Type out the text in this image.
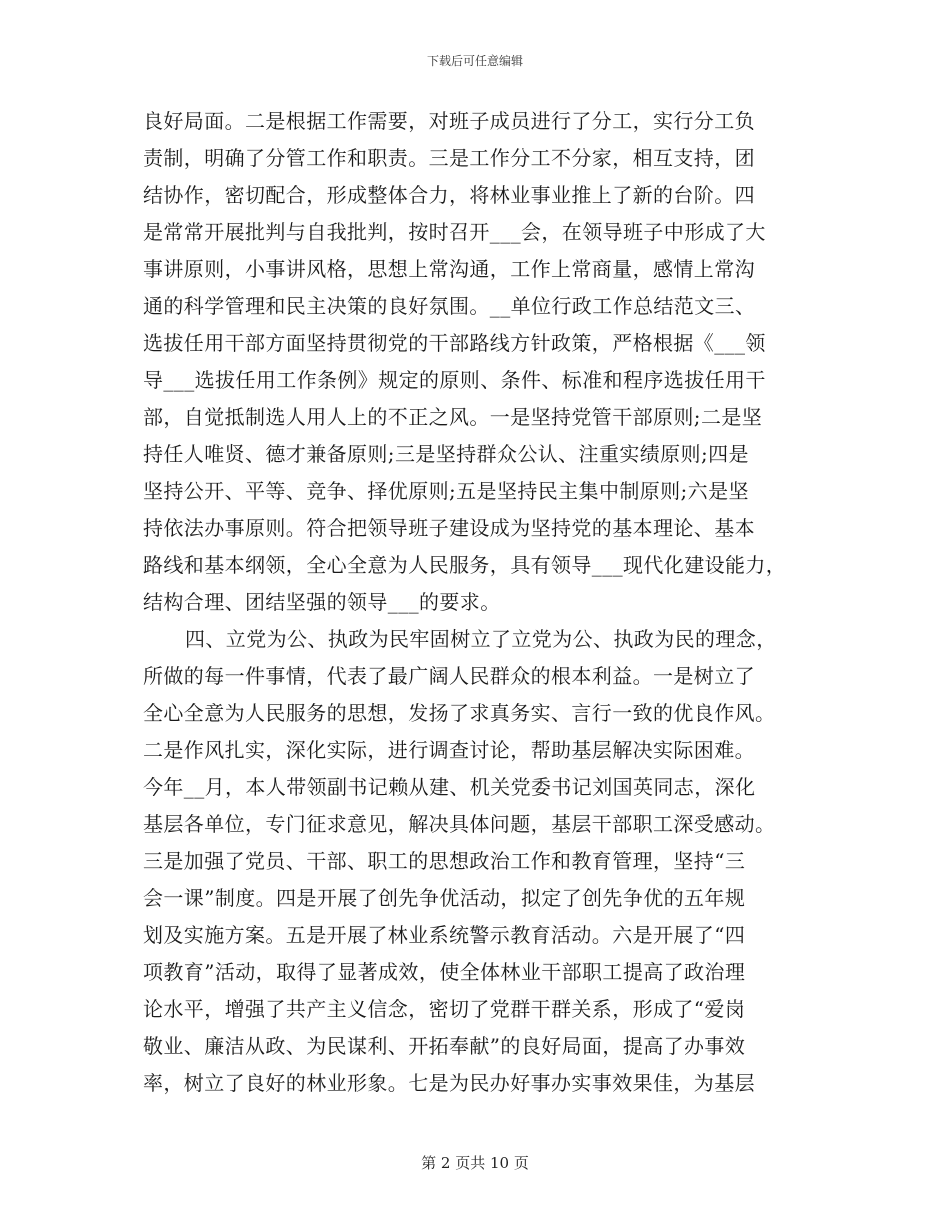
下载后可任意编辑
良好局面。二是根据工作需要，对班子成员进行了分工，实行分工负
责制，明确了分管工作和职责。三是工作分工不分家，相互支持，团
结协作，密切配合，形成整体合力，将林业事业推上了新的台阶。四
是常常开展批判与自我批判，按时召开___会，在领导班子中形成了大
事讲原则，小事讲风格，思想上常沟通，工作上常商量，感情上常沟
通的科学管理和民主决策的良好氛围。__单位行政工作总结范文三、
选拔任用干部方面坚持贯彻党的干部路线方针政策，严格根据《___领
导___选拔任用工作条例》规定的原则、条件、标准和程序选拔任用干
部，自觉抵制选人用人上的不正之风。一是坚持党管干部原则;二是坚
持任人唯贤、德才兼备原则;三是坚持群众公认、注重实绩原则;四是
坚持公开、平等、竞争、择优原则;五是坚持民主集中制原则;六是坚
持依法办事原则。符合把领导班子建设成为坚持党的基本理论、基本
路线和基本纲领，全心全意为人民服务，具有领导___现代化建设能力，
结构合理、团结坚强的领导___的要求。
四、立党为公、执政为民牢固树立了立党为公、执政为民的理念，
所做的每一件事情，代表了最广阔人民群众的根本利益。一是树立了
全心全意为人民服务的思想，发扬了求真务实、言行一致的优良作风。
二是作风扎实，深化实际，进行调查讨论，帮助基层解决实际困难。
今年__月，本人带领副书记赖从建、机关党委书记刘国英同志，深化
基层各单位，专门征求意见，解决具体问题，基层干部职工深受感动。
三是加强了党员、干部、职工的思想政治工作和教育管理，坚持“三
会一课”制度。四是开展了创先争优活动，拟定了创先争优的五年规
划及实施方案。五是开展了林业系统警示教育活动。六是开展了“四
项教育”活动，取得了显著成效，使全体林业干部职工提高了政治理
论水平，增强了共产主义信念，密切了党群干群关系，形成了“爱岗
敬业、廉洁从政、为民谋利、开拓奉献”的良好局面，提高了办事效
率，树立了良好的林业形象。七是为民办好事办实事效果佳，为基层
第 2 页共 10 页
